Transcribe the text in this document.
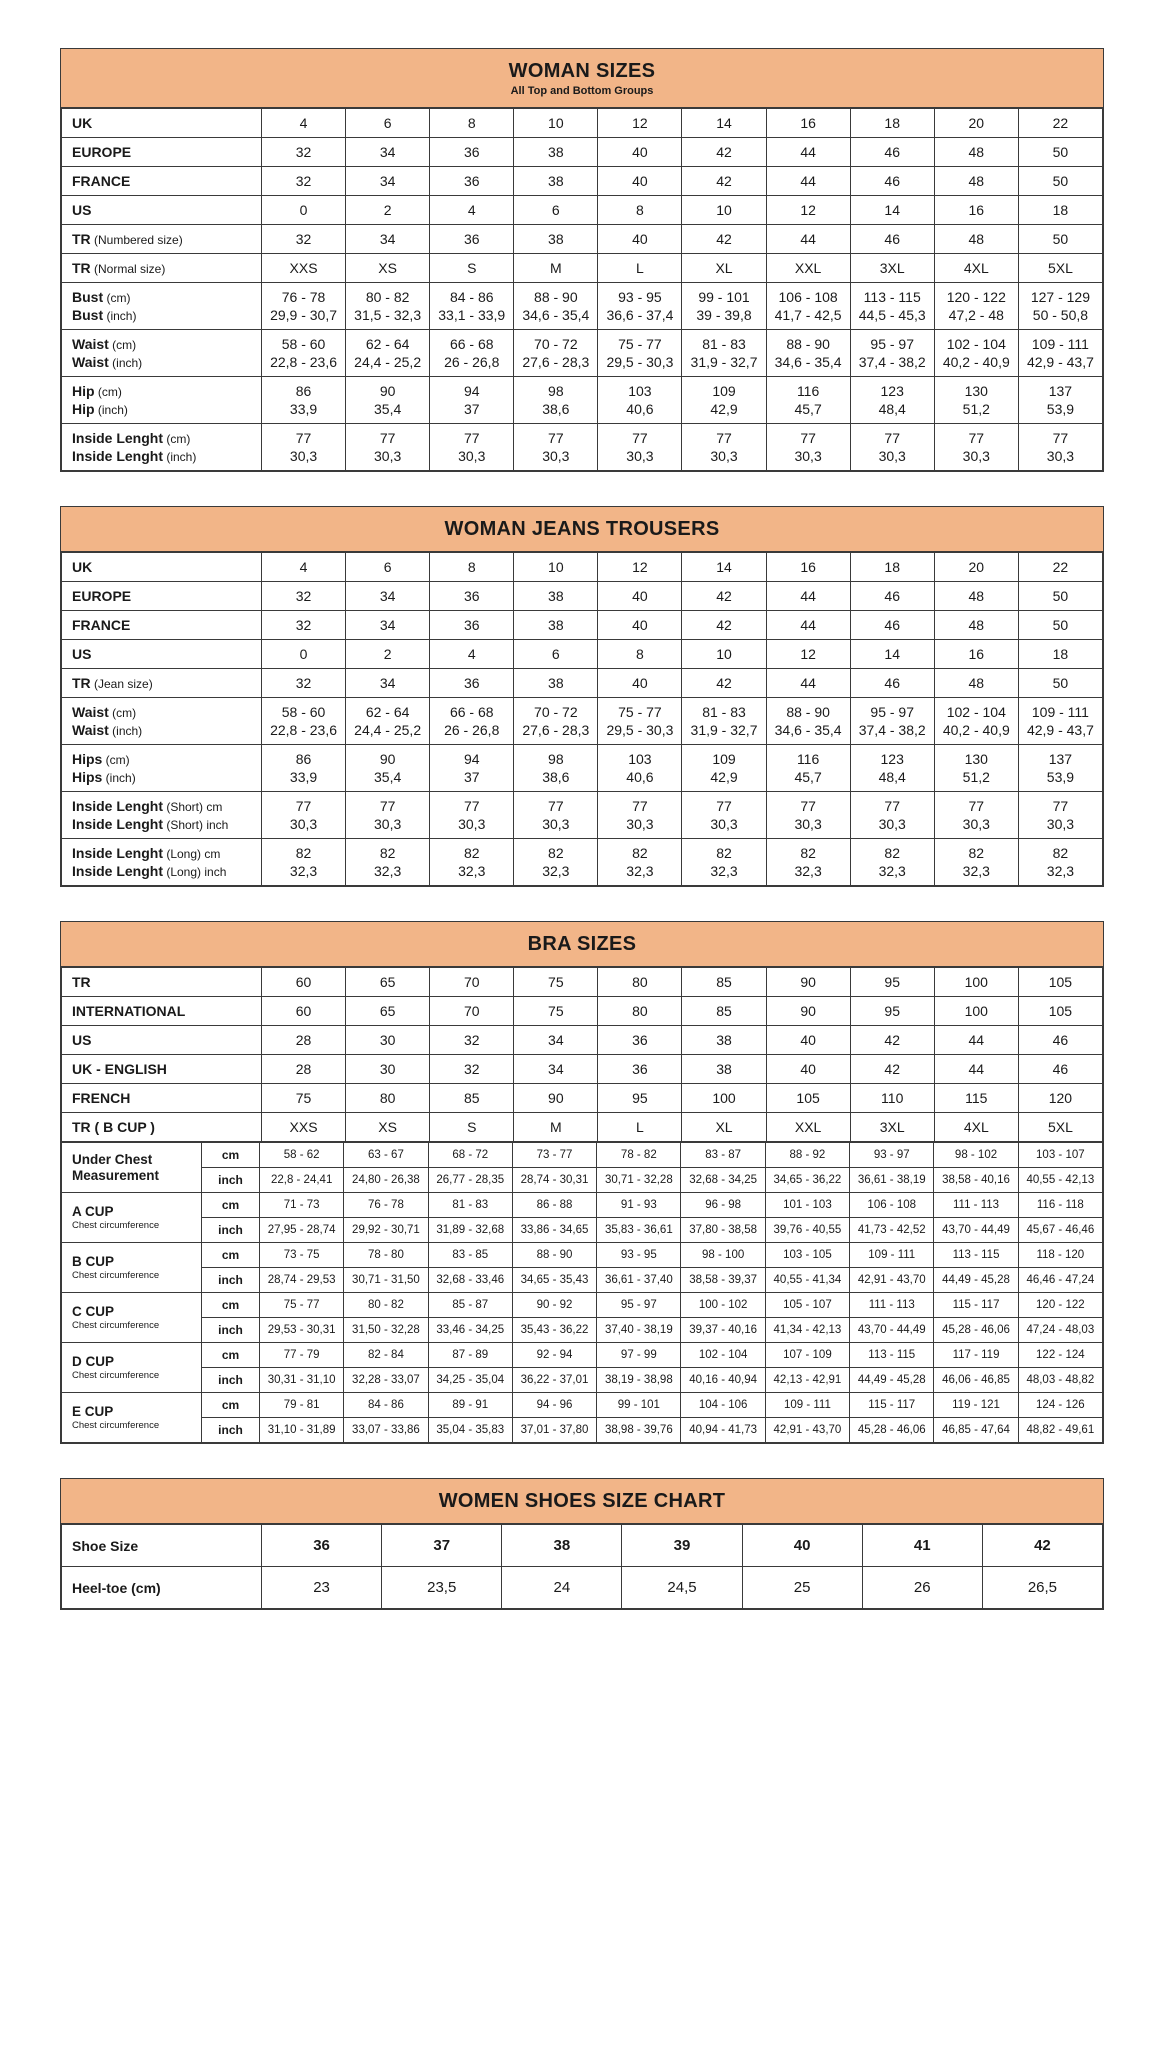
WOMAN SIZES
All Top and Bottom Groups
UK	4	6	8	10	12	14	16	18	20	22
EUROPE	32	34	36	38	40	42	44	46	48	50
FRANCE	32	34	36	38	40	42	44	46	48	50
US	0	2	4	6	8	10	12	14	16	18
TR (Numbered size)	32	34	36	38	40	42	44	46	48	50
TR (Normal size)	XXS	XS	S	M	L	XL	XXL	3XL	4XL	5XL
Bust (cm)	76 - 78	80 - 82	84 - 86	88 - 90	93 - 95	99 - 101	106 - 108	113 - 115	120 - 122	127 - 129
Bust (inch)	29,9 - 30,7	31,5 - 32,3	33,1 - 33,9	34,6 - 35,4	36,6 - 37,4	39 - 39,8	41,7 - 42,5	44,5 - 45,3	47,2 - 48	50 - 50,8
Waist (cm)	58 - 60	62 - 64	66 - 68	70 - 72	75 - 77	81 - 83	88 - 90	95 - 97	102 - 104	109 - 111
Waist (inch)	22,8 - 23,6	24,4 - 25,2	26 - 26,8	27,6 - 28,3	29,5 - 30,3	31,9 - 32,7	34,6 - 35,4	37,4 - 38,2	40,2 - 40,9	42,9 - 43,7
Hip (cm)	86	90	94	98	103	109	116	123	130	137
Hip (inch)	33,9	35,4	37	38,6	40,6	42,9	45,7	48,4	51,2	53,9
Inside Lenght (cm)	77	77	77	77	77	77	77	77	77	77
Inside Lenght (inch)	30,3	30,3	30,3	30,3	30,3	30,3	30,3	30,3	30,3	30,3
WOMAN JEANS TROUSERS
UK	4	6	8	10	12	14	16	18	20	22
EUROPE	32	34	36	38	40	42	44	46	48	50
FRANCE	32	34	36	38	40	42	44	46	48	50
US	0	2	4	6	8	10	12	14	16	18
TR (Jean size)	32	34	36	38	40	42	44	46	48	50
Waist (cm)	58 - 60	62 - 64	66 - 68	70 - 72	75 - 77	81 - 83	88 - 90	95 - 97	102 - 104	109 - 111
Waist (inch)	22,8 - 23,6	24,4 - 25,2	26 - 26,8	27,6 - 28,3	29,5 - 30,3	31,9 - 32,7	34,6 - 35,4	37,4 - 38,2	40,2 - 40,9	42,9 - 43,7
Hips (cm)	86	90	94	98	103	109	116	123	130	137
Hips (inch)	33,9	35,4	37	38,6	40,6	42,9	45,7	48,4	51,2	53,9
Inside Lenght (Short) cm	77	77	77	77	77	77	77	77	77	77
Inside Lenght (Short) inch	30,3	30,3	30,3	30,3	30,3	30,3	30,3	30,3	30,3	30,3
Inside Lenght (Long) cm	82	82	82	82	82	82	82	82	82	82
Inside Lenght (Long) inch	32,3	32,3	32,3	32,3	32,3	32,3	32,3	32,3	32,3	32,3
BRA SIZES
TR	60	65	70	75	80	85	90	95	100	105
INTERNATIONAL	60	65	70	75	80	85	90	95	100	105
US	28	30	32	34	36	38	40	42	44	46
UK - ENGLISH	28	30	32	34	36	38	40	42	44	46
FRENCH	75	80	85	90	95	100	105	110	115	120
TR ( B CUP )	XXS	XS	S	M	L	XL	XXL	3XL	4XL	5XL
Under Chest
Measurement	cm	58 - 62	63 - 67	68 - 72	73 - 77	78 - 82	83 - 87	88 - 92	93 - 97	98 - 102	103 - 107
	inch	22,8 - 24,41	24,80 - 26,38	26,77 - 28,35	28,74 - 30,31	30,71 - 32,28	32,68 - 34,25	34,65 - 36,22	36,61 - 38,19	38,58 - 40,16	40,55 - 42,13

A CUP
Chest circumference	cm	71 - 73	76 - 78	81 - 83	86 - 88	91 - 93	96 - 98	101 - 103	106 - 108	111 - 113	116 - 118
	inch	27,95 - 28,74	29,92 - 30,71	31,89 - 32,68	33,86 - 34,65	35,83 - 36,61	37,80 - 38,58	39,76 - 40,55	41,73 - 42,52	43,70 - 44,49	45,67 - 46,46

B CUP
Chest circumference	cm	73 - 75	78 - 80	83 - 85	88 - 90	93 - 95	98 - 100	103 - 105	109 - 111	113 - 115	118 - 120
	inch	28,74 - 29,53	30,71 - 31,50	32,68 - 33,46	34,65 - 35,43	36,61 - 37,40	38,58 - 39,37	40,55 - 41,34	42,91 - 43,70	44,49 - 45,28	46,46 - 47,24

C CUP
Chest circumference	cm	75 - 77	80 - 82	85 - 87	90 - 92	95 - 97	100 - 102	105 - 107	111 - 113	115 - 117	120 - 122
	inch	29,53 - 30,31	31,50 - 32,28	33,46 - 34,25	35,43 - 36,22	37,40 - 38,19	39,37 - 40,16	41,34 - 42,13	43,70 - 44,49	45,28 - 46,06	47,24 - 48,03

D CUP
Chest circumference	cm	77 - 79	82 - 84	87 - 89	92 - 94	97 - 99	102 - 104	107 - 109	113 - 115	117 - 119	122 - 124
	inch	30,31 - 31,10	32,28 - 33,07	34,25 - 35,04	36,22 - 37,01	38,19 - 38,98	40,16 - 40,94	42,13 - 42,91	44,49 - 45,28	46,06 - 46,85	48,03 - 48,82

E CUP
Chest circumference	cm	79 - 81	84 - 86	89 - 91	94 - 96	99 - 101	104 - 106	109 - 111	115 - 117	119 - 121	124 - 126
	inch	31,10 - 31,89	33,07 - 33,86	35,04 - 35,83	37,01 - 37,80	38,98 - 39,76	40,94 - 41,73	42,91 - 43,70	45,28 - 46,06	46,85 - 47,64	48,82 - 49,61
WOMEN SHOES SIZE CHART
Shoe Size	36	37	38	39	40	41	42
Heel-toe (cm)	23	23,5	24	24,5	25	26	26,5
